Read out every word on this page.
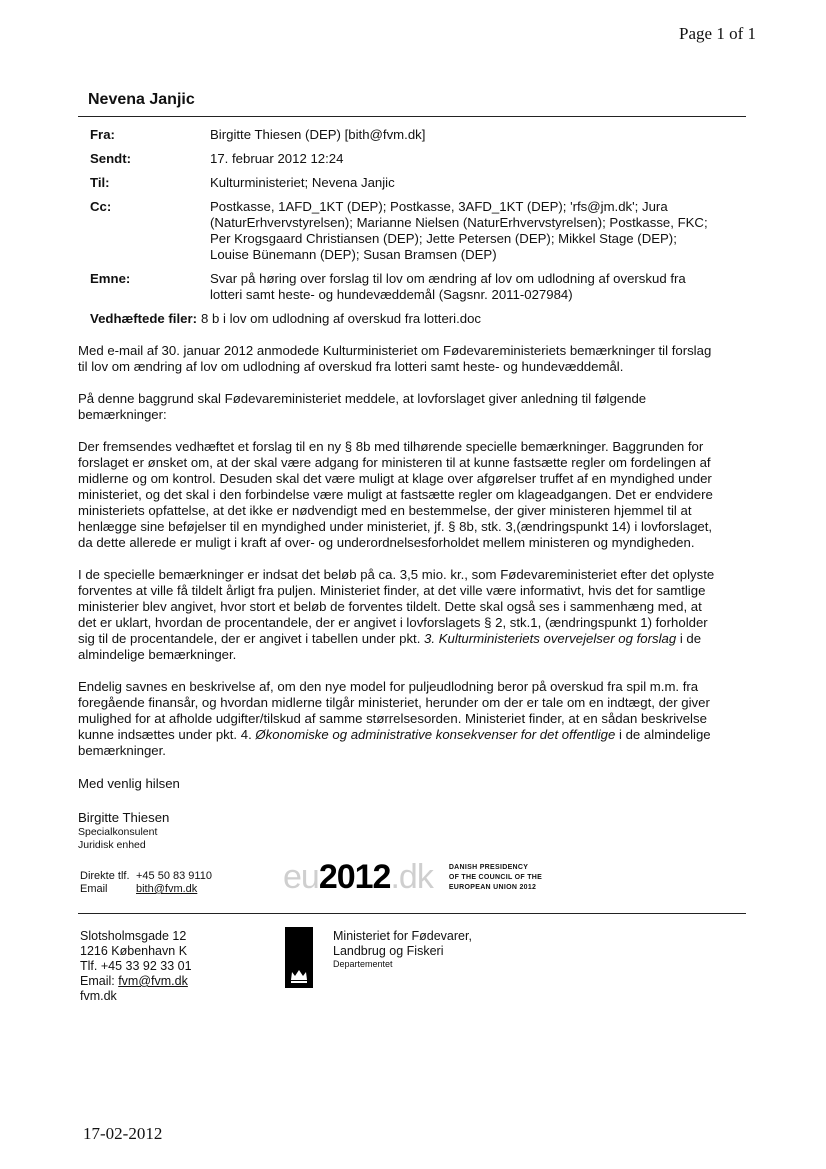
Page 1 of 1
Nevena Janjic
Fra:	Birgitte Thiesen (DEP) [bith@fvm.dk]
Sendt:	17. februar 2012 12:24
Til:	Kulturministeriet; Nevena Janjic
Cc:	Postkasse, 1AFD_1KT (DEP); Postkasse, 3AFD_1KT (DEP); 'rfs@jm.dk'; Jura
(NaturErhvervstyrelsen); Marianne Nielsen (NaturErhvervstyrelsen); Postkasse, FKC;
Per Krogsgaard Christiansen (DEP); Jette Petersen (DEP); Mikkel Stage (DEP);
Louise Bünemann (DEP); Susan Bramsen (DEP)
Emne:	Svar på høring over forslag til lov om ændring af lov om udlodning af overskud fra
lotteri samt heste- og hundevæddemål (Sagsnr. 2011-027984)
Vedhæftede filer: 8 b i lov om udlodning af overskud fra lotteri.doc

Med e-mail af 30. januar 2012 anmodede Kulturministeriet om Fødevareministeriets bemærkninger til forslag
til lov om ændring af lov om udlodning af overskud fra lotteri samt heste- og hundevæddemål.

På denne baggrund skal Fødevareministeriet meddele, at lovforslaget giver anledning til følgende
bemærkninger:

Der fremsendes vedhæftet et forslag til en ny § 8b med tilhørende specielle bemærkninger. Baggrunden for
forslaget er ønsket om, at der skal være adgang for ministeren til at kunne fastsætte regler om fordelingen af
midlerne og om kontrol. Desuden skal det være muligt at klage over afgørelser truffet af en myndighed under
ministeriet, og det skal i den forbindelse være muligt at fastsætte regler om klageadgangen. Det er endvidere
ministeriets opfattelse, at det ikke er nødvendigt med en bestemmelse, der giver ministeren hjemmel til at
henlægge sine beføjelser til en myndighed under ministeriet, jf. § 8b, stk. 3,(ændringspunkt 14) i lovforslaget,
da dette allerede er muligt i kraft af over- og underordnelsesforholdet mellem ministeren og myndigheden.

I de specielle bemærkninger er indsat det beløb på ca. 3,5 mio. kr., som Fødevareministeriet efter det oplyste
forventes at ville få tildelt årligt fra puljen. Ministeriet finder, at det ville være informativt, hvis det for samtlige
ministerier blev angivet, hvor stort et beløb de forventes tildelt. Dette skal også ses i sammenhæng med, at
det er uklart, hvordan de procentandele, der er angivet i lovforslagets § 2, stk.1, (ændringspunkt 1) forholder
sig til de procentandele, der er angivet i tabellen under pkt. 3. Kulturministeriets overvejelser og forslag i de
almindelige bemærkninger.

Endelig savnes en beskrivelse af, om den nye model for puljeudlodning beror på overskud fra spil m.m. fra
foregående finansår, og hvordan midlerne tilgår ministeriet, herunder om der er tale om en indtægt, der giver
mulighed for at afholde udgifter/tilskud af samme størrelsesorden. Ministeriet finder, at en sådan beskrivelse
kunne indsættes under pkt. 4. Økonomiske og administrative konsekvenser for det offentlige i de almindelige
bemærkninger.

Med venlig hilsen
Birgitte Thiesen
Specialkonsulent
Juridisk enhed
Direkte tlf. +45 50 83 9110
Email	bith@fvm.dk	eu2012.dk DANISH PRESIDENCY
OF THE COUNCIL OF THE
EUROPEAN UNION 2012
Slotsholmsgade 12
1216 København K
Tlf. +45 33 92 33 01
Email: fvm@fvm.dk
fvm.dk
Ministeriet for Fødevarer,
Landbrug og Fiskeri
Departementet
17-02-2012
